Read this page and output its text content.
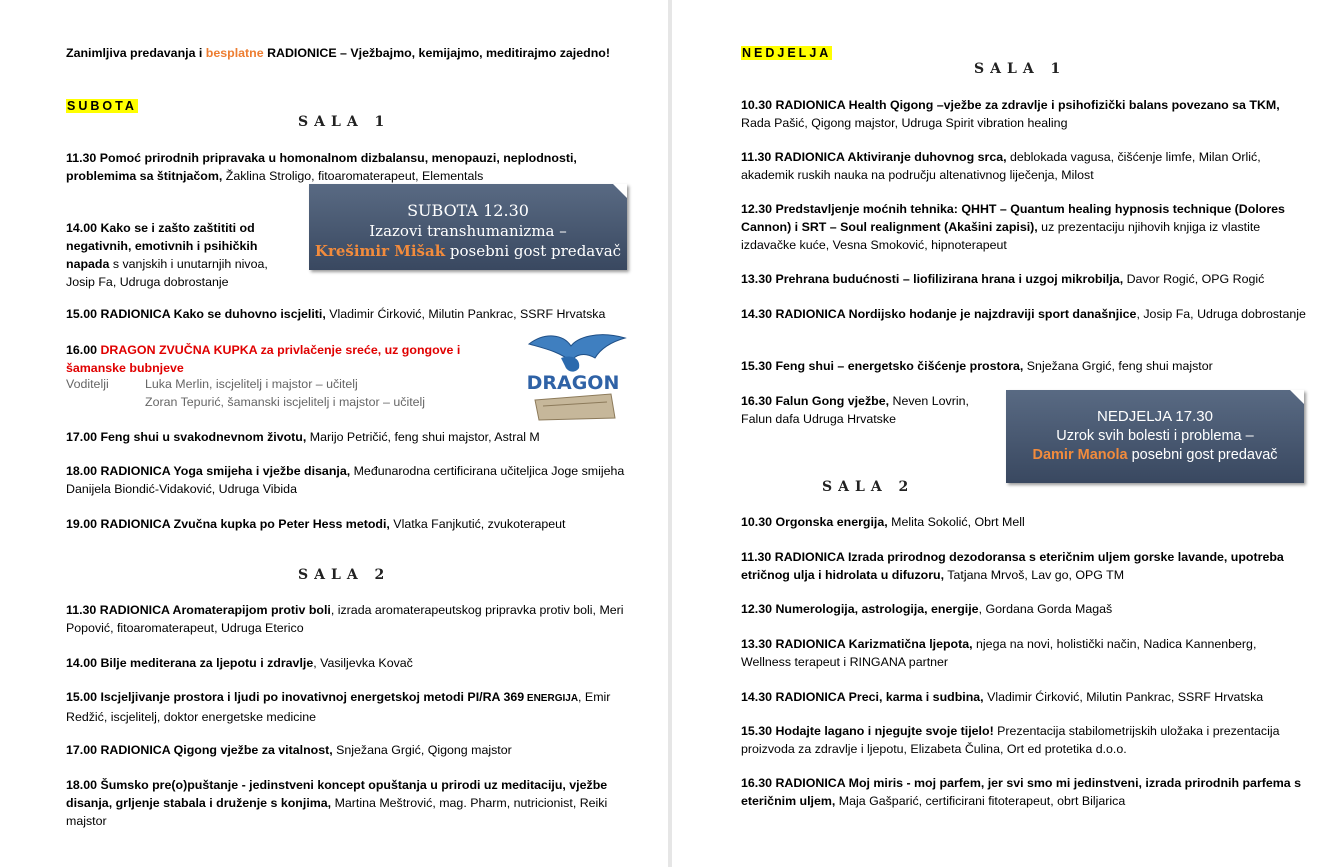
Zanimljiva predavanja i besplatne RADIONICE – Vježbajmo, kemijajmo, meditirajmo zajedno!
SUBOTA
SALA 1
11.30 Pomoć prirodnih pripravaka u homonalnom dizbalansu, menopauzi, neplodnosti, problemima sa štitnjačom, Žaklina Stroligo, fitoaromaterapeut, Elementals
14.00 Kako se i zašto zaštititi od negativnih, emotivnih i psihičkih napada s vanjskih i unutarnjih nivoa, Josip Fa, Udruga dobrostanje
SUBOTA 12.30
Izazovi transhumanizma –
Krešimir Mišak posebni gost predavač
15.00 RADIONICA Kako se duhovno iscjeliti, Vladimir Ćirković, Milutin Pankrac, SSRF Hrvatska
16.00 DRAGON ZVUČNA KUPKA za privlačenje sreće, uz gongove i šamanske bubnjeve
Voditelji	Luka Merlin, iscjelitelj i majstor – učitelj
Zoran Tepurić, šamanski iscjelitelj i majstor – učitelj
DRAGON
17.00 Feng shui u svakodnevnom životu, Marijo Petričić, feng shui majstor, Astral M
18.00 RADIONICA Yoga smijeha i vježbe disanja, Međunarodna certificirana učiteljica Joge smijeha Danijela Biondić-Vidaković, Udruga Vibida
19.00 RADIONICA Zvučna kupka po Peter Hess metodi, Vlatka Fanjkutić, zvukoterapeut
SALA 2
11.30 RADIONICA Aromaterapijom protiv boli, izrada aromaterapeutskog pripravka protiv boli, Meri Popović, fitoaromaterapeut, Udruga Eterico
14.00 Bilje mediterana za ljepotu i zdravlje, Vasiljevka Kovač
15.00 Iscjeljivanje prostora i ljudi po inovativnoj energetskoj metodi PI/RA 369 ENERGIJA, Emir Redžić, iscjelitelj, doktor energetske medicine
17.00 RADIONICA Qigong vježbe za vitalnost, Snježana Grgić, Qigong majstor
18.00 Šumsko pre(o)puštanje - jedinstveni koncept opuštanja u prirodi uz meditaciju, vježbe disanja, grljenje stabala i druženje s konjima, Martina Meštrović, mag. Pharm, nutricionist, Reiki majstor
NEDJELJA
SALA 1
10.30 RADIONICA Health Qigong –vježbe za zdravlje i psihofizički balans povezano sa TKM, Rada Pašić, Qigong majstor, Udruga Spirit vibration healing
11.30 RADIONICA Aktiviranje duhovnog srca, deblokada vagusa, čišćenje limfe, Milan Orlić, akademik ruskih nauka na području altenativnog liječenja, Milost
12.30 Predstavljenje moćnih tehnika: QHHT – Quantum healing hypnosis technique (Dolores Cannon) i SRT – Soul realignment (Akašini zapisi), uz prezentaciju njihovih knjiga iz vlastite izdavačke kuće, Vesna Smoković, hipnoterapeut
13.30 Prehrana budućnosti – liofilizirana hrana i uzgoj mikrobilja, Davor Rogić, OPG Rogić
14.30 RADIONICA Nordijsko hodanje je najzdraviji sport današnjice, Josip Fa, Udruga dobrostanje
15.30 Feng shui – energetsko čišćenje prostora, Snježana Grgić, feng shui majstor
16.30 Falun Gong vježbe, Neven Lovrin, Falun dafa Udruga Hrvatske	NEDJELJA 17.30
Uzrok svih bolesti i problema –
Damir Manola posebni gost predavač
SALA 2
10.30 Orgonska energija, Melita Sokolić, Obrt Mell
11.30 RADIONICA Izrada prirodnog dezodoransa s eteričnim uljem gorske lavande, upotreba etričnog ulja i hidrolata u difuzoru, Tatjana Mrvoš, Lav go, OPG TM
12.30 Numerologija, astrologija, energije, Gordana Gorda Magaš
13.30 RADIONICA Karizmatična ljepota, njega na novi, holistički način, Nadica Kannenberg, Wellness terapeut i RINGANA partner
14.30 RADIONICA Preci, karma i sudbina, Vladimir Ćirković, Milutin Pankrac, SSRF Hrvatska
15.30 Hodajte lagano i njegujte svoje tijelo! Prezentacija stabilometrijskih uložaka i prezentacija proizvoda za zdravlje i ljepotu, Elizabeta Čulina, Ort ed protetika d.o.o.
16.30 RADIONICA Moj miris - moj parfem, jer svi smo mi jedinstveni, izrada prirodnih parfema s eteričnim uljem, Maja Gašparić, certificirani fitoterapeut, obrt Biljarica
